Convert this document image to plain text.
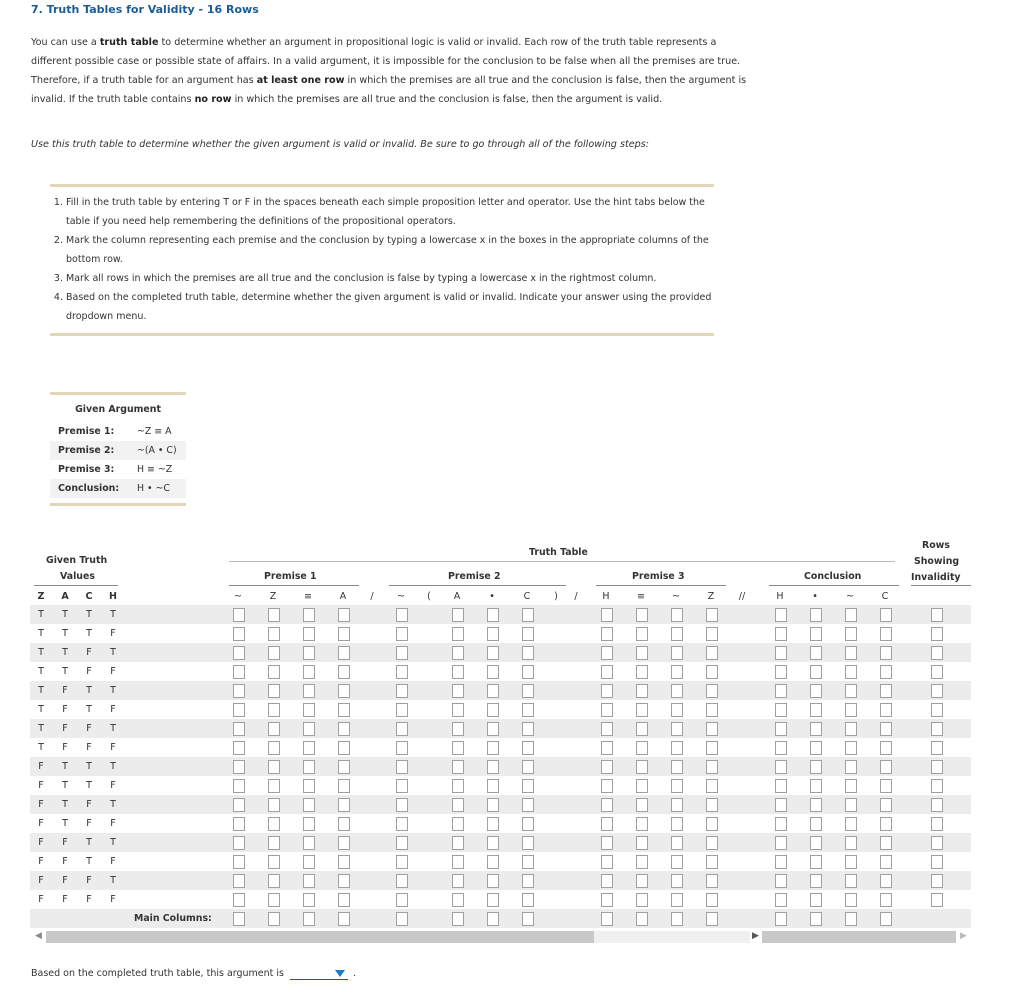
7. Truth Tables for Validity - 16 Rows
You can use a truth table to determine whether an argument in propositional logic is valid or invalid. Each row of the truth table represents a different possible case or possible state of affairs. In a valid argument, it is impossible for the conclusion to be false when all the premises are true. Therefore, if a truth table for an argument has at least one row in which the premises are all true and the conclusion is false, then the argument is invalid. If the truth table contains no row in which the premises are all true and the conclusion is false, then the argument is valid.
Use this truth table to determine whether the given argument is valid or invalid. Be sure to go through all of the following steps:
1. Fill in the truth table by entering T or F in the spaces beneath each simple proposition letter and operator. Use the hint tabs below the table if you need help remembering the definitions of the propositional operators.
2. Mark the column representing each premise and the conclusion by typing a lowercase x in the boxes in the appropriate columns of the bottom row.
3. Mark all rows in which the premises are all true and the conclusion is false by typing a lowercase x in the rightmost column.
4. Based on the completed truth table, determine whether the given argument is valid or invalid. Indicate your answer using the provided dropdown menu.
Given Argument
Premise 1: ~Z ≡ A
Premise 2: ~(A • C)
Premise 3: H ≡ ~Z
Conclusion: H • ~C
Given Truth
Values
Truth Table
Premise 1	Premise 2	Premise 3	Conclusion
Rows
Showing
Invalidity
Z	A	C	H	~	Z	≡	A	/	~	(	A	•	C	)	/	H	≡	~	Z	//	H	•	~	C
T	T	T	T
T	T	T	F
T	T	F	T
T	T	F	F
T	F	T	T
T	F	T	F
T	F	F	T
T	F	F	F
F	T	T	T
F	T	T	F
F	T	F	T
F	T	F	F
F	F	T	T
F	F	T	F
F	F	F	T
F	F	F	F
Main Columns:
◀	▶	▶
Based on the completed truth table, this argument is	.
